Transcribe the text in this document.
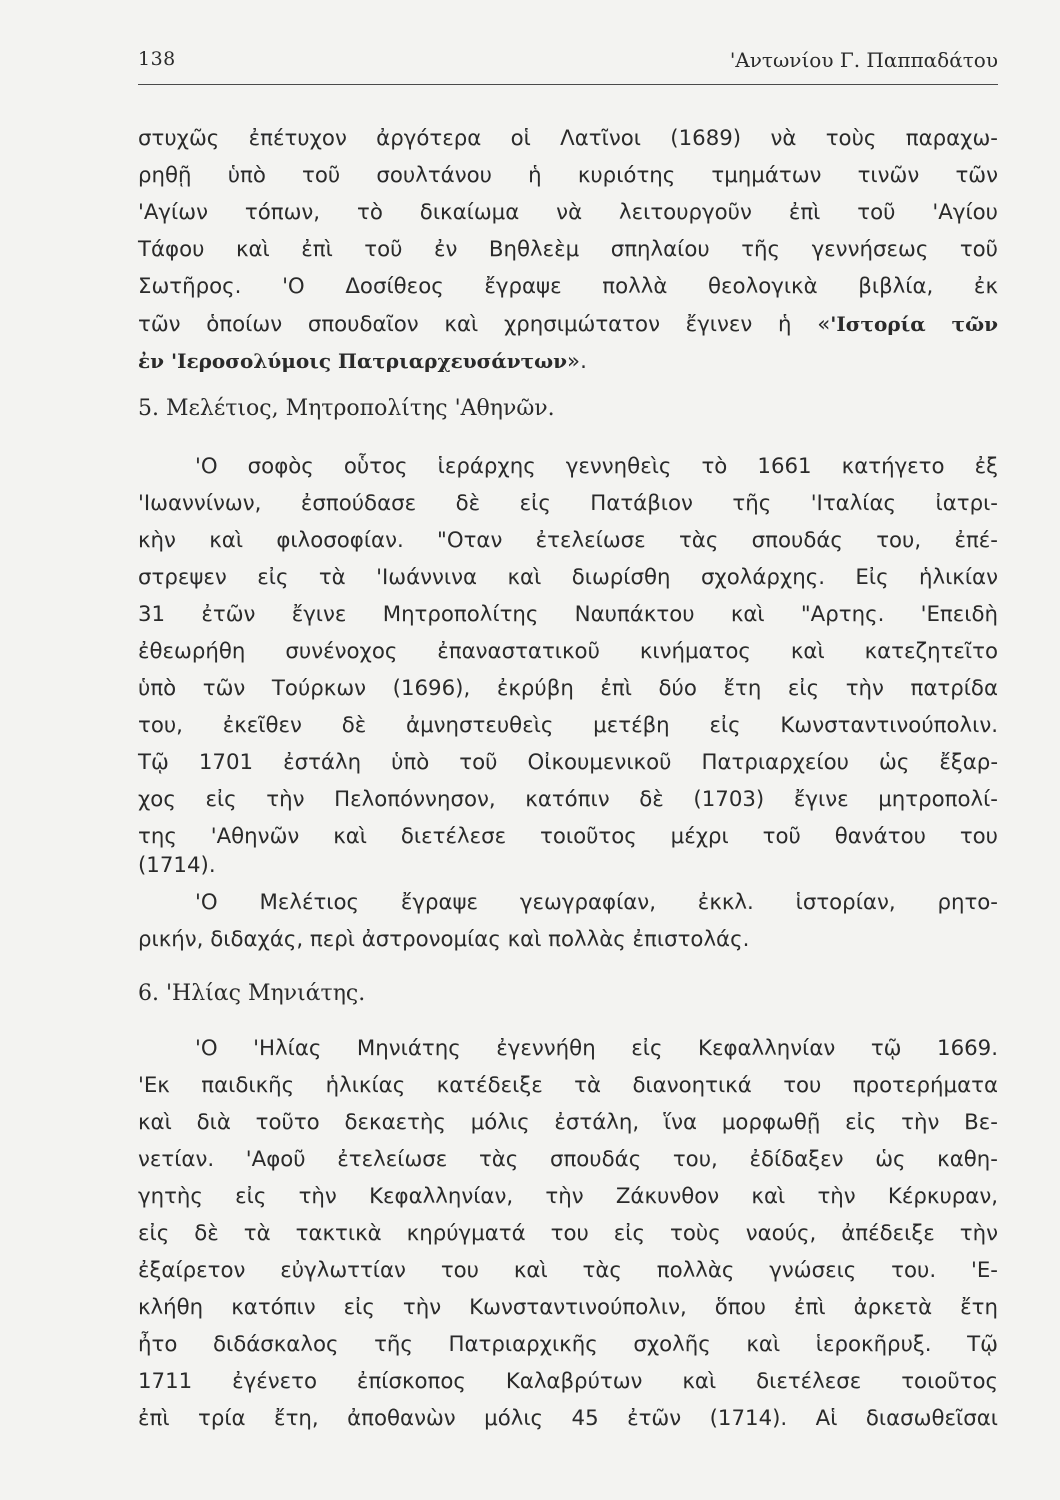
138	'Αντωνίου Γ. Παππαδάτου
στυχῶς ἐπέτυχον ἀργότερα οἱ Λατῖνοι (1689) νὰ τοὺς παραχω-
ρηθῇ ὑπὸ τοῦ σουλτάνου ἡ κυριότης τμημάτων τινῶν τῶν
'Αγίων τόπων, τὸ δικαίωμα νὰ λειτουργοῦν ἐπὶ τοῦ 'Αγίου
Τάφου καὶ ἐπὶ τοῦ ἐν Βηθλεὲμ σπηλαίου τῆς γεννήσεως τοῦ
Σωτῆρος. 'Ο Δοσίθεος ἔγραψε πολλὰ θεολογικὰ βιβλία, ἐκ
τῶν ὁποίων σπουδαῖον καὶ χρησιμώτατον ἔγινεν ἡ «'Ιστορία τῶν
ἐν 'Ιεροσολύμοις Πατριαρχευσάντων».
5. Μελέτιος, Μητροπολίτης 'Αθηνῶν.
'Ο σοφὸς οὗτος ἱεράρχης γεννηθεὶς τὸ 1661 κατήγετο ἐξ
'Ιωαννίνων, ἐσπούδασε δὲ εἰς Πατάβιον τῆς 'Ιταλίας ἰατρι-
κὴν καὶ φιλοσοφίαν. "Οταν ἐτελείωσε τὰς σπουδάς του, ἐπέ-
στρεψεν εἰς τὰ 'Ιωάννινα καὶ διωρίσθη σχολάρχης. Εἰς ἡλικίαν
31 ἐτῶν ἔγινε Μητροπολίτης Ναυπάκτου καὶ "Αρτης. 'Επειδὴ
ἐθεωρήθη συνένοχος ἐπαναστατικοῦ κινήματος καὶ κατεζητεῖτο
ὑπὸ τῶν Τούρκων (1696), ἐκρύβη ἐπὶ δύο ἔτη εἰς τὴν πατρίδα
του, ἐκεῖθεν δὲ ἀμνηστευθεὶς μετέβη εἰς Κωνσταντινούπολιν.
Τῷ 1701 ἐστάλη ὑπὸ τοῦ Οἰκουμενικοῦ Πατριαρχείου ὡς ἔξαρ-
χος εἰς τὴν Πελοπόννησον, κατόπιν δὲ (1703) ἔγινε μητροπολί-
της 'Αθηνῶν καὶ διετέλεσε τοιοῦτος μέχρι τοῦ θανάτου του
(1714).
'Ο Μελέτιος ἔγραψε γεωγραφίαν, ἐκκλ. ἱστορίαν, ρητο-
ρικήν, διδαχάς, περὶ ἀστρονομίας καὶ πολλὰς ἐπιστολάς.
6. 'Ηλίας Μηνιάτης.
'Ο 'Ηλίας Μηνιάτης ἐγεννήθη εἰς Κεφαλληνίαν τῷ 1669.
'Εκ παιδικῆς ἡλικίας κατέδειξε τὰ διανοητικά του προτερήματα
καὶ διὰ τοῦτο δεκαετὴς μόλις ἐστάλη, ἵνα μορφωθῇ εἰς τὴν Βε-
νετίαν. 'Αφοῦ ἐτελείωσε τὰς σπουδάς του, ἐδίδαξεν ὡς καθη-
γητὴς εἰς τὴν Κεφαλληνίαν, τὴν Ζάκυνθον καὶ τὴν Κέρκυραν,
εἰς δὲ τὰ τακτικὰ κηρύγματά του εἰς τοὺς ναούς, ἀπέδειξε τὴν
ἐξαίρετον εὐγλωττίαν του καὶ τὰς πολλὰς γνώσεις του. 'Ε-
κλήθη κατόπιν εἰς τὴν Κωνσταντινούπολιν, ὅπου ἐπὶ ἀρκετὰ ἔτη
ἦτο διδάσκαλος τῆς Πατριαρχικῆς σχολῆς καὶ ἱεροκῆρυξ. Τῷ
1711 ἐγένετο ἐπίσκοπος Καλαβρύτων καὶ διετέλεσε τοιοῦτος
ἐπὶ τρία ἔτη, ἀποθανὼν μόλις 45 ἐτῶν (1714). Αἱ διασωθεῖσαι
